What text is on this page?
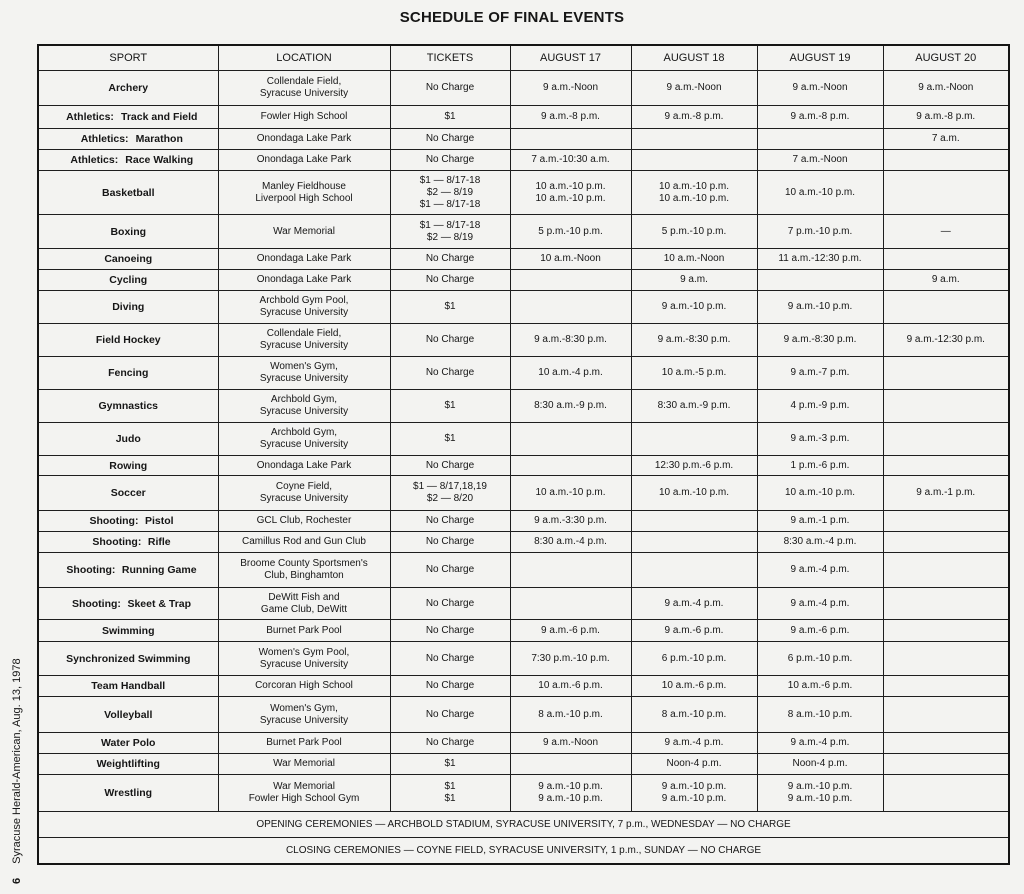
SCHEDULE OF FINAL EVENTS
6Syracuse Herald-American, Aug. 13, 1978
SPORT	LOCATION	TICKETS	AUGUST 17	AUGUST 18	AUGUST 19	AUGUST 20
Archery	Collendale Field,
Syracuse University	No Charge	9 a.m.-Noon	9 a.m.-Noon	9 a.m.-Noon	9 a.m.-Noon

Athletics: Track and Field	Fowler High School	$1	9 a.m.-8 p.m.	9 a.m.-8 p.m.	9 a.m.-8 p.m.	9 a.m.-8 p.m.

Athletics: Marathon	Onondaga Lake Park	No Charge				7 a.m.

Athletics: Race Walking	Onondaga Lake Park	No Charge	7 a.m.-10:30 a.m.		7 a.m.-Noon	

Basketball	Manley Fieldhouse
Liverpool High School	$1 — 8/17-18
$2 — 8/19
$1 — 8/17-18	10 a.m.-10 p.m.
10 a.m.-10 p.m.	10 a.m.-10 p.m.
10 a.m.-10 p.m.	10 a.m.-10 p.m.	

Boxing	War Memorial	$1 — 8/17-18
$2 — 8/19	5 p.m.-10 p.m.	5 p.m.-10 p.m.	7 p.m.-10 p.m.	—

Canoeing	Onondaga Lake Park	No Charge	10 a.m.-Noon	10 a.m.-Noon	11 a.m.-12:30 p.m.	

Cycling	Onondaga Lake Park	No Charge		9 a.m.		9 a.m.

Diving	Archbold Gym Pool,
Syracuse University	$1		9 a.m.-10 p.m.	9 a.m.-10 p.m.	

Field Hockey	Collendale Field,
Syracuse University	No Charge	9 a.m.-8:30 p.m.	9 a.m.-8:30 p.m.	9 a.m.-8:30 p.m.	9 a.m.-12:30 p.m.

Fencing	Women's Gym,
Syracuse University	No Charge	10 a.m.-4 p.m.	10 a.m.-5 p.m.	9 a.m.-7 p.m.	

Gymnastics	Archbold Gym,
Syracuse University	$1	8:30 a.m.-9 p.m.	8:30 a.m.-9 p.m.	4 p.m.-9 p.m.	

Judo	Archbold Gym,
Syracuse University	$1			9 a.m.-3 p.m.	

Rowing	Onondaga Lake Park	No Charge		12:30 p.m.-6 p.m.	1 p.m.-6 p.m.	

Soccer	Coyne Field,
Syracuse University	$1 — 8/17,18,19
$2 — 8/20	10 a.m.-10 p.m.	10 a.m.-10 p.m.	10 a.m.-10 p.m.	9 a.m.-1 p.m.

Shooting: Pistol	GCL Club, Rochester	No Charge	9 a.m.-3:30 p.m.		9 a.m.-1 p.m.	

Shooting: Rifle	Camillus Rod and Gun Club	No Charge	8:30 a.m.-4 p.m.		8:30 a.m.-4 p.m.	

Shooting: Running Game	Broome County Sportsmen's
Club, Binghamton	No Charge			9 a.m.-4 p.m.	

Shooting: Skeet & Trap	DeWitt Fish and
Game Club, DeWitt	No Charge		9 a.m.-4 p.m.	9 a.m.-4 p.m.	

Swimming	Burnet Park Pool	No Charge	9 a.m.-6 p.m.	9 a.m.-6 p.m.	9 a.m.-6 p.m.	

Synchronized Swimming	Women's Gym Pool,
Syracuse University	No Charge	7:30 p.m.-10 p.m.	6 p.m.-10 p.m.	6 p.m.-10 p.m.	

Team Handball	Corcoran High School	No Charge	10 a.m.-6 p.m.	10 a.m.-6 p.m.	10 a.m.-6 p.m.	

Volleyball	Women's Gym,
Syracuse University	No Charge	8 a.m.-10 p.m.	8 a.m.-10 p.m.	8 a.m.-10 p.m.	

Water Polo	Burnet Park Pool	No Charge	9 a.m.-Noon	9 a.m.-4 p.m.	9 a.m.-4 p.m.	

Weightlifting	War Memorial	$1		Noon-4 p.m.	Noon-4 p.m.	

Wrestling	War Memorial
Fowler High School Gym	$1
$1	9 a.m.-10 p.m.
9 a.m.-10 p.m.	9 a.m.-10 p.m.
9 a.m.-10 p.m.	9 a.m.-10 p.m.
9 a.m.-10 p.m.	

OPENING CEREMONIES — ARCHBOLD STADIUM, SYRACUSE UNIVERSITY, 7 p.m., WEDNESDAY — NO CHARGE						
CLOSING CEREMONIES — COYNE FIELD, SYRACUSE UNIVERSITY, 1 p.m., SUNDAY — NO CHARGE						
